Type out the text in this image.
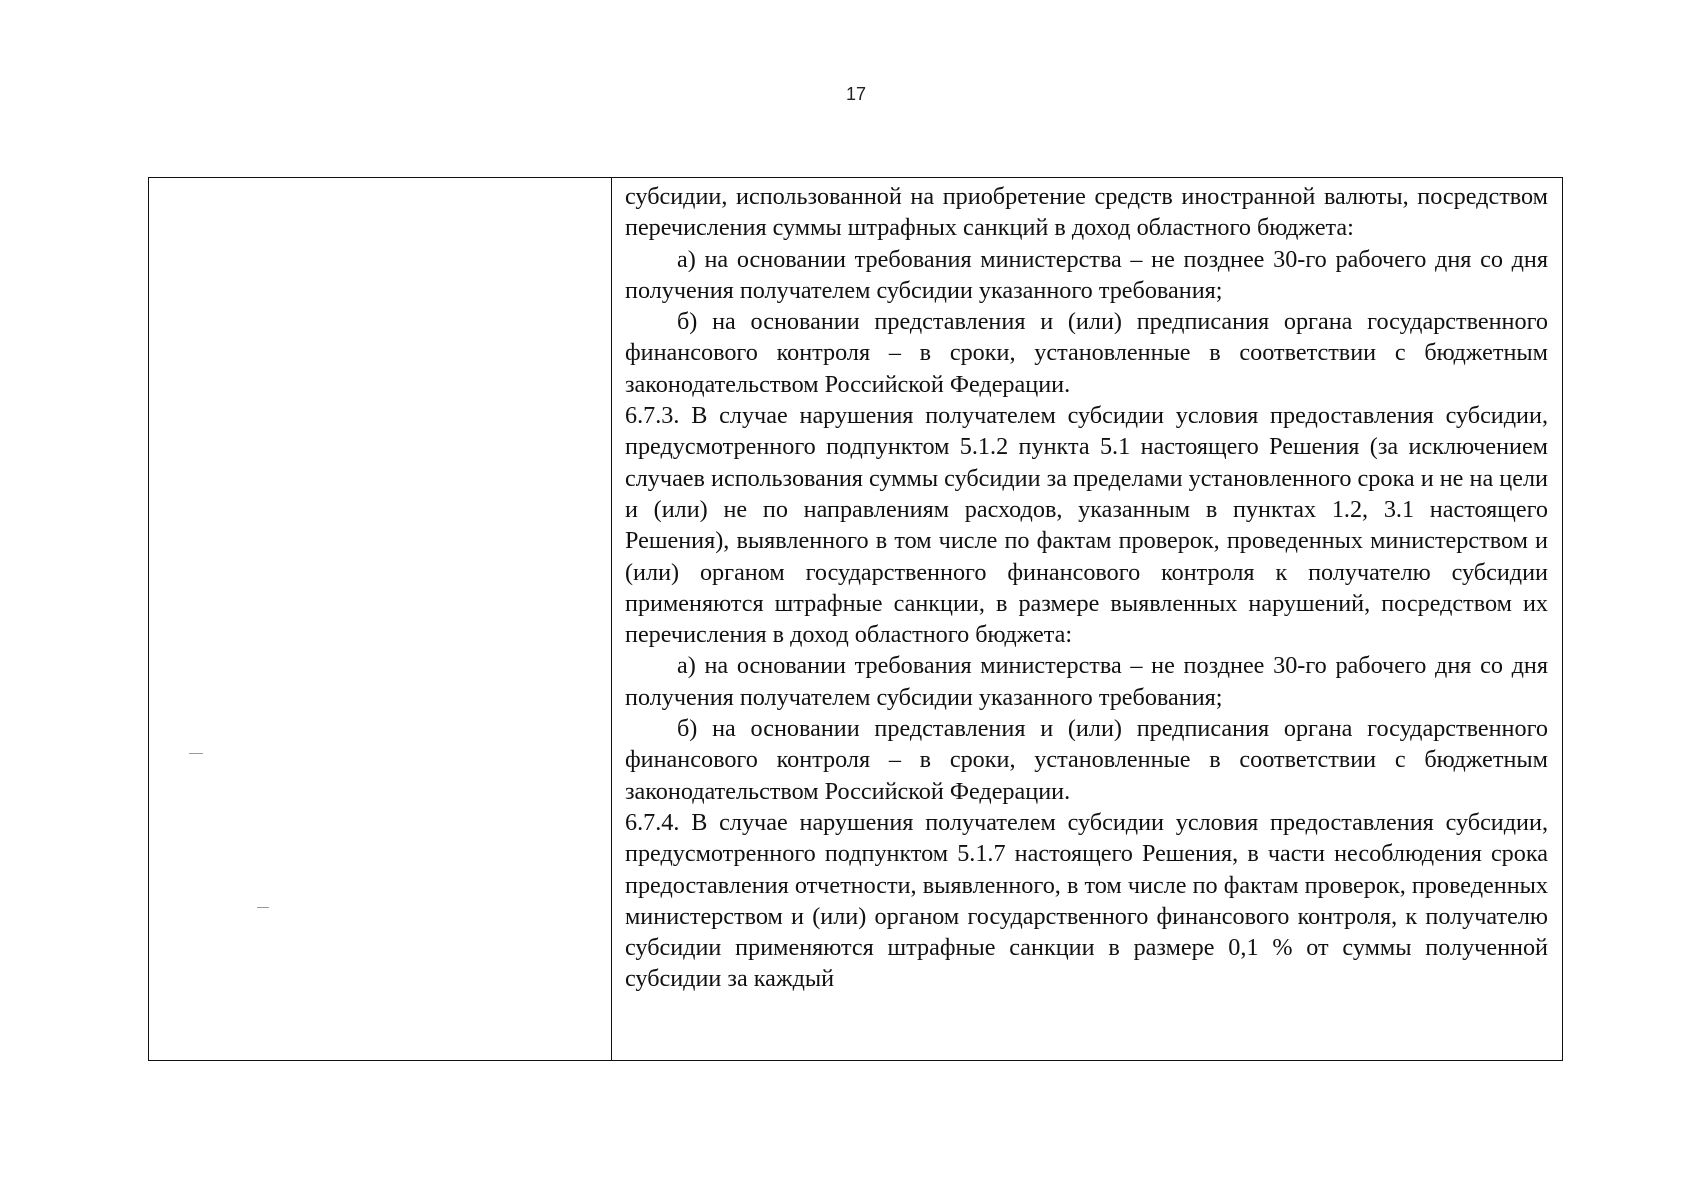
17

субсидии, использованной на приобретение средств иностранной валюты, посредством перечисления суммы штрафных санкций в доход областного бюджета:

а) на основании требования министерства – не позднее 30-го рабочего дня со дня получения получателем субсидии указанного требования;

б) на основании представления и (или) предписания органа государственного финансового контроля – в сроки, установленные в соответствии с бюджетным законодательством Российской Федерации.

6.7.3. В случае нарушения получателем субсидии условия предоставления субсидии, предусмотренного подпунктом 5.1.2 пункта 5.1 настоящего Решения (за исключением случаев использования суммы субсидии за пределами установленного срока и не на цели и (или) не по направлениям расходов, указанным в пунктах 1.2, 3.1 настоящего Решения), выявленного в том числе по фактам проверок, проведенных министерством и (или) органом государственного финансового контроля к получателю субсидии применяются штрафные санкции, в размере выявленных нарушений, посредством их перечисления в доход областного бюджета:

а) на основании требования министерства – не позднее 30-го рабочего дня со дня получения получателем субсидии указанного требования;

б) на основании представления и (или) предписания органа государственного финансового контроля – в сроки, установленные в соответствии с бюджетным законодательством Российской Федерации.

6.7.4. В случае нарушения получателем субсидии условия предоставления субсидии, предусмотренного подпунктом 5.1.7 настоящего Решения, в части несоблюдения срока предоставления отчетности, выявленного, в том числе по фактам проверок, проведенных министерством и (или) органом государственного финансового контроля, к получателю субсидии применяются штрафные санкции в размере 0,1 % от суммы полученной субсидии за каждый
